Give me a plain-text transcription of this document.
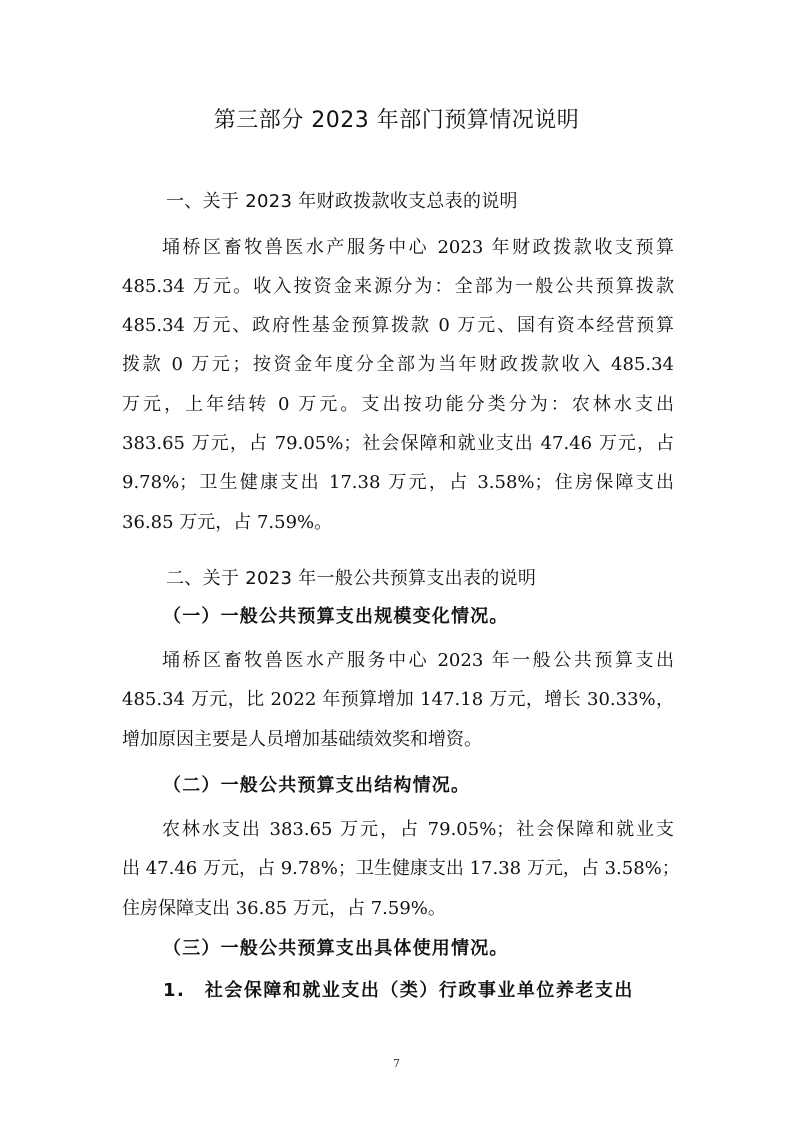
第三部分 2023 年部门预算情况说明
一、关于 2023 年财政拨款收支总表的说明
埇桥区畜牧兽医水产服务中心 2023 年财政拨款收支预算
485.34 万元。收入按资金来源分为：全部为一般公共预算拨款
485.34 万元、政府性基金预算拨款 0 万元、国有资本经营预算
拨款 0 万元；按资金年度分全部为当年财政拨款收入 485.34
万元，上年结转 0 万元。支出按功能分类分为：农林水支出
383.65 万元，占 79.05%；社会保障和就业支出 47.46 万元，占
9.78%；卫生健康支出 17.38 万元，占 3.58%；住房保障支出
36.85 万元，占 7.59%。
二、关于 2023 年一般公共预算支出表的说明
（一）一般公共预算支出规模变化情况。
埇桥区畜牧兽医水产服务中心 2023 年一般公共预算支出
485.34 万元，比 2022 年预算增加 147.18 万元，增长 30.33%，
增加原因主要是人员增加基础绩效奖和增资。
（二）一般公共预算支出结构情况。
农林水支出 383.65 万元，占 79.05%；社会保障和就业支
出 47.46 万元，占 9.78%；卫生健康支出 17.38 万元，占 3.58%；
住房保障支出 36.85 万元，占 7.59%。
（三）一般公共预算支出具体使用情况。
1.　社会保障和就业支出（类）行政事业单位养老支出
7
